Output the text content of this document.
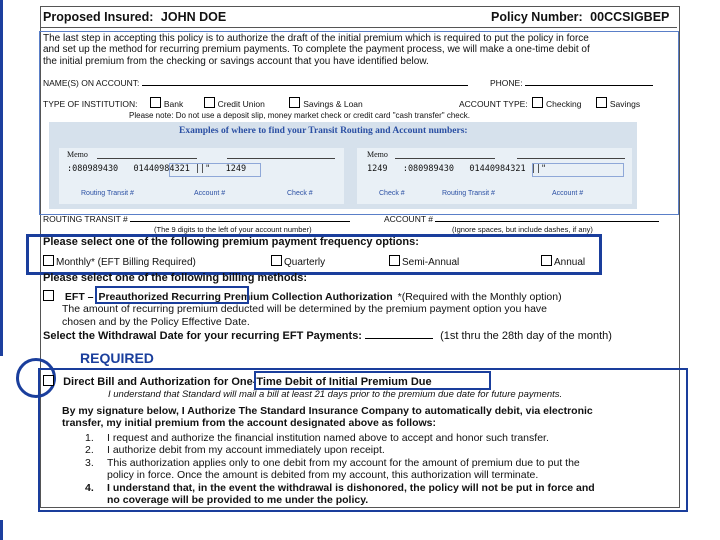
Proposed Insured: JOHN DOE	Policy Number: 00CCSIGBEP
The last step in accepting this policy is to authorize the draft of the initial premium which is required to put the policy in force
and set up the method for recurring premium payments. To complete the payment process, we will make a one-time debit of
the initial premium from the checking or savings account that you have identified below.
NAME(S) ON ACCOUNT:	PHONE:
TYPE OF INSTITUTION:	Bank	Credit Union	Savings & Loan	ACCOUNT TYPE: Checking	Savings
Please note: Do not use a deposit slip, money market check or credit card "cash transfer" check.
Examples of where to find your Transit Routing and Account numbers:
Memo
:080989430   01440984321 ||"   1249
Routing Transit #	Account #	Check #
Memo
1249   :080989430   01440984321 ||"
Check #	Routing Transit #	Account #
ROUTING TRANSIT #
(The 9 digits to the left of your account number)
ACCOUNT #
(Ignore spaces, but include dashes, if any)
Please select one of the following premium payment frequency options:
Monthly* (EFT Billing Required)	Quarterly	Semi-Annual	Annual
Please select one of the following billing methods:
EFT – Preauthorized Recurring Premium Collection Authorization *(Required with the Monthly option)
The amount of recurring premium deducted will be determined by the premium payment option you have
chosen and by the Policy Effective Date.
Select the Withdrawal Date for your recurring EFT Payments:	(1st thru the 28th day of the month)
REQUIRED
Direct Bill and Authorization for One-Time Debit of Initial Premium Due
I understand that Standard will mail a bill at least 21 days prior to the premium due date for future payments.
By my signature below, I Authorize The Standard Insurance Company to automatically debit, via electronic
transfer, my initial premium from the account designated above as follows:
1.	I request and authorize the financial institution named above to accept and honor such transfer.
2.	I authorize debit from my account immediately upon receipt.
3.	This authorization applies only to one debit from my account for the amount of premium due to put the
policy in force. Once the amount is debited from my account, this authorization will terminate.
4.	I understand that, in the event the withdrawal is dishonored, the policy will not be put in force and
no coverage will be provided to me under the policy.
